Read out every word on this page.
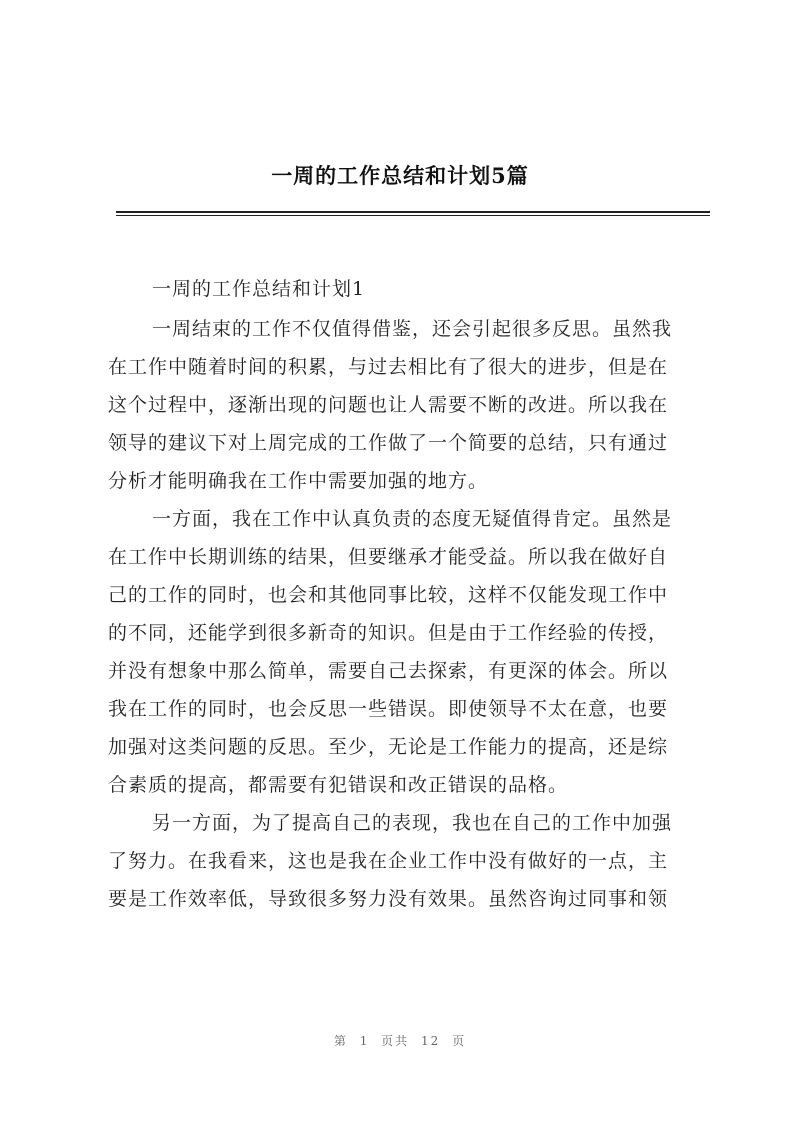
一周的工作总结和计划5篇
一周的工作总结和计划1
一周结束的工作不仅值得借鉴，还会引起很多反思。虽然我
在工作中随着时间的积累，与过去相比有了很大的进步，但是在
这个过程中，逐渐出现的问题也让人需要不断的改进。所以我在
领导的建议下对上周完成的工作做了一个简要的总结，只有通过
分析才能明确我在工作中需要加强的地方。
一方面，我在工作中认真负责的态度无疑值得肯定。虽然是
在工作中长期训练的结果，但要继承才能受益。所以我在做好自
己的工作的同时，也会和其他同事比较，这样不仅能发现工作中
的不同，还能学到很多新奇的知识。但是由于工作经验的传授，
并没有想象中那么简单，需要自己去探索，有更深的体会。所以
我在工作的同时，也会反思一些错误。即使领导不太在意，也要
加强对这类问题的反思。至少，无论是工作能力的提高，还是综
合素质的提高，都需要有犯错误和改正错误的品格。
另一方面，为了提高自己的表现，我也在自己的工作中加强
了努力。在我看来，这也是我在企业工作中没有做好的一点，主
要是工作效率低，导致很多努力没有效果。虽然咨询过同事和领
第 1 页共 12 页
